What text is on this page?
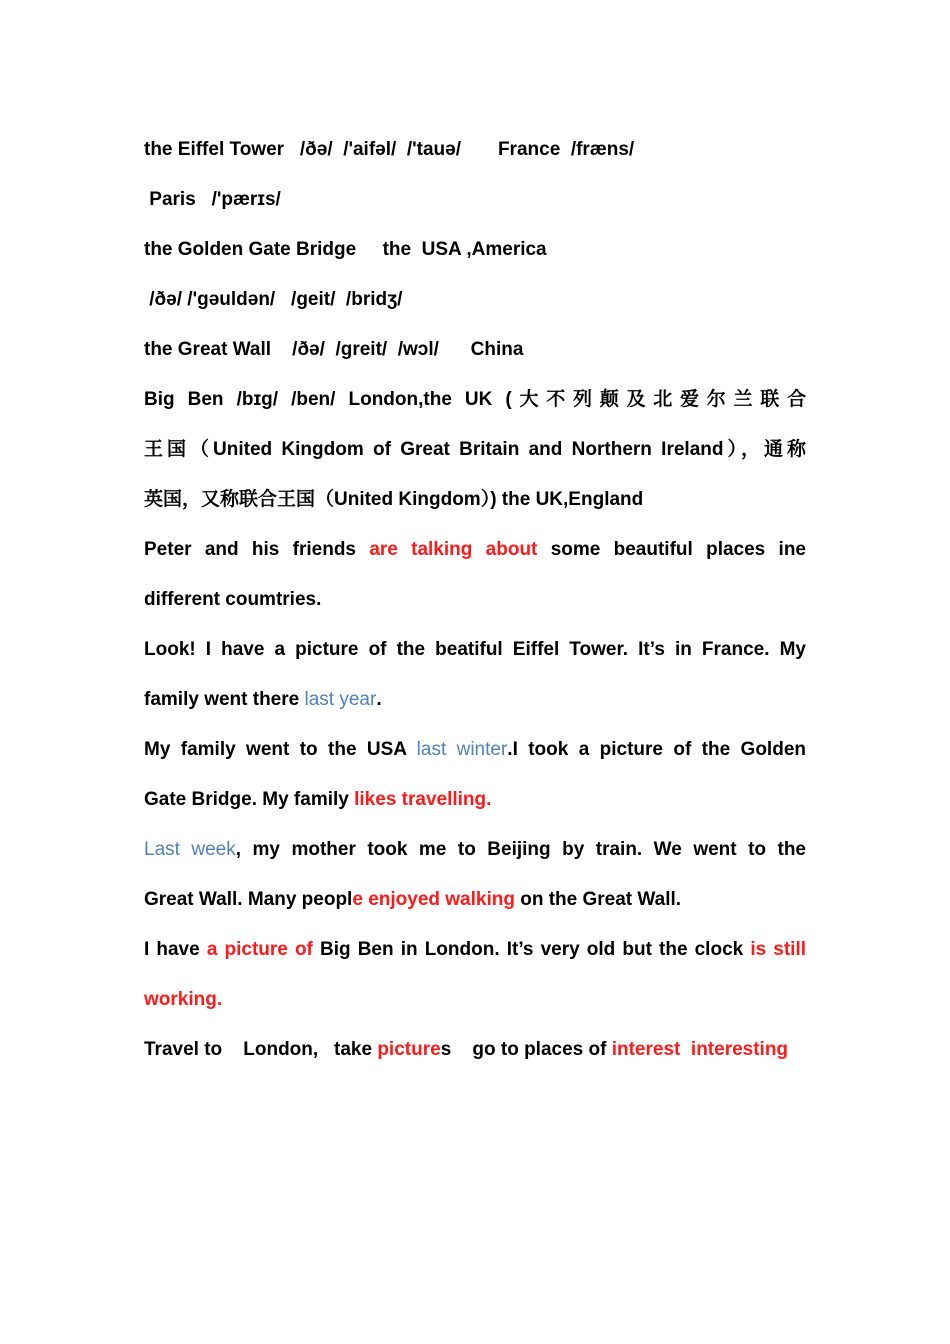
the Eiffel Tower /ðə/  /'aifəl/  /'tauə/ France  /fræns/
Paris   /'pærɪs/
the Golden Gate Bridge the  USA ,America
/ðə/ /'gəuldən/   /geit/  /bridʒ/
the Great Wall /ðə/  /greit/  /wɔl/ China
Big Ben /bɪg/ /ben/ London,the UK (大不列颠及北爱尔兰联合
王国（United Kingdom of Great Britain and Northern Ireland），通称
英国，又称联合王国（United Kingdom）) the UK,England
Peter and his friends are talking about some beautiful places ine
different coumtries.
Look! I have a picture of the beatiful Eiffel Tower. It’s in France. My
family went there last year.
My family went to the USA last winter.I took a picture of the Golden
Gate Bridge. My family likes travelling.
Last week, my mother took me to Beijing by train. We went to the
Great Wall. Many people enjoyed walking on the Great Wall.
I have a picture of Big Ben in London. It’s very old but the clock is still
working.
Travel to    London,   take pictures    go to places of interest  interesting
